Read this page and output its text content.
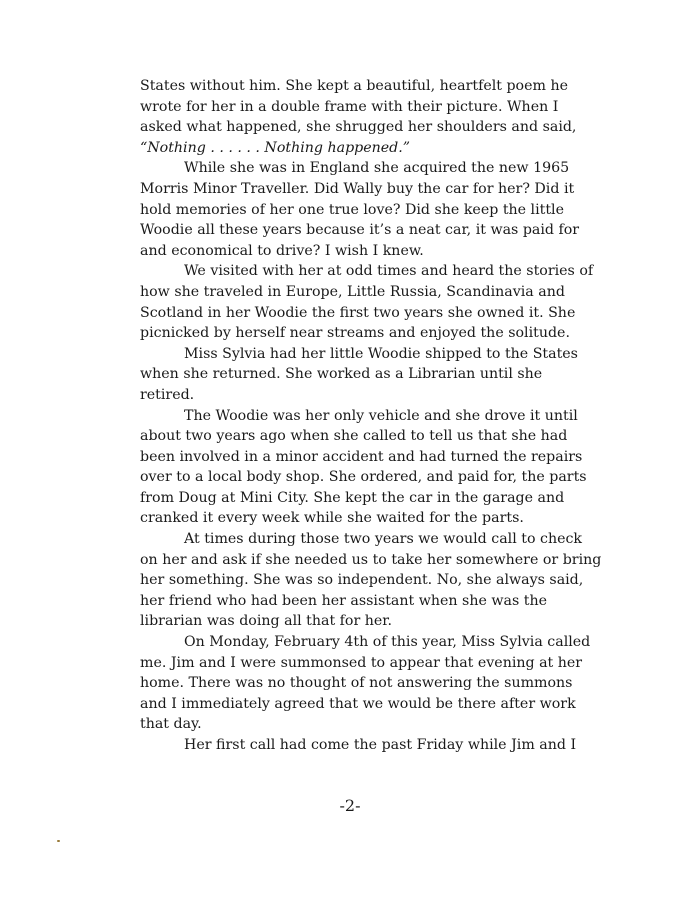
States without him. She kept a beautiful, heartfelt poem he
wrote for her in a double frame with their picture. When I
asked what happened, she shrugged her shoulders and said,
“Nothing . . . . . . Nothing happened.”
While she was in England she acquired the new 1965
Morris Minor Traveller. Did Wally buy the car for her? Did it
hold memories of her one true love? Did she keep the little
Woodie all these years because it’s a neat car, it was paid for
and economical to drive? I wish I knew.
We visited with her at odd times and heard the stories of
how she traveled in Europe, Little Russia, Scandinavia and
Scotland in her Woodie the first two years she owned it. She
picnicked by herself near streams and enjoyed the solitude.
Miss Sylvia had her little Woodie shipped to the States
when she returned. She worked as a Librarian until she
retired.
The Woodie was her only vehicle and she drove it until
about two years ago when she called to tell us that she had
been involved in a minor accident and had turned the repairs
over to a local body shop. She ordered, and paid for, the parts
from Doug at Mini City. She kept the car in the garage and
cranked it every week while she waited for the parts.
At times during those two years we would call to check
on her and ask if she needed us to take her somewhere or bring
her something. She was so independent. No, she always said,
her friend who had been her assistant when she was the
librarian was doing all that for her.
On Monday, February 4th of this year, Miss Sylvia called
me. Jim and I were summonsed to appear that evening at her
home. There was no thought of not answering the summons
and I immediately agreed that we would be there after work
that day.
Her first call had come the past Friday while Jim and I
-2-
